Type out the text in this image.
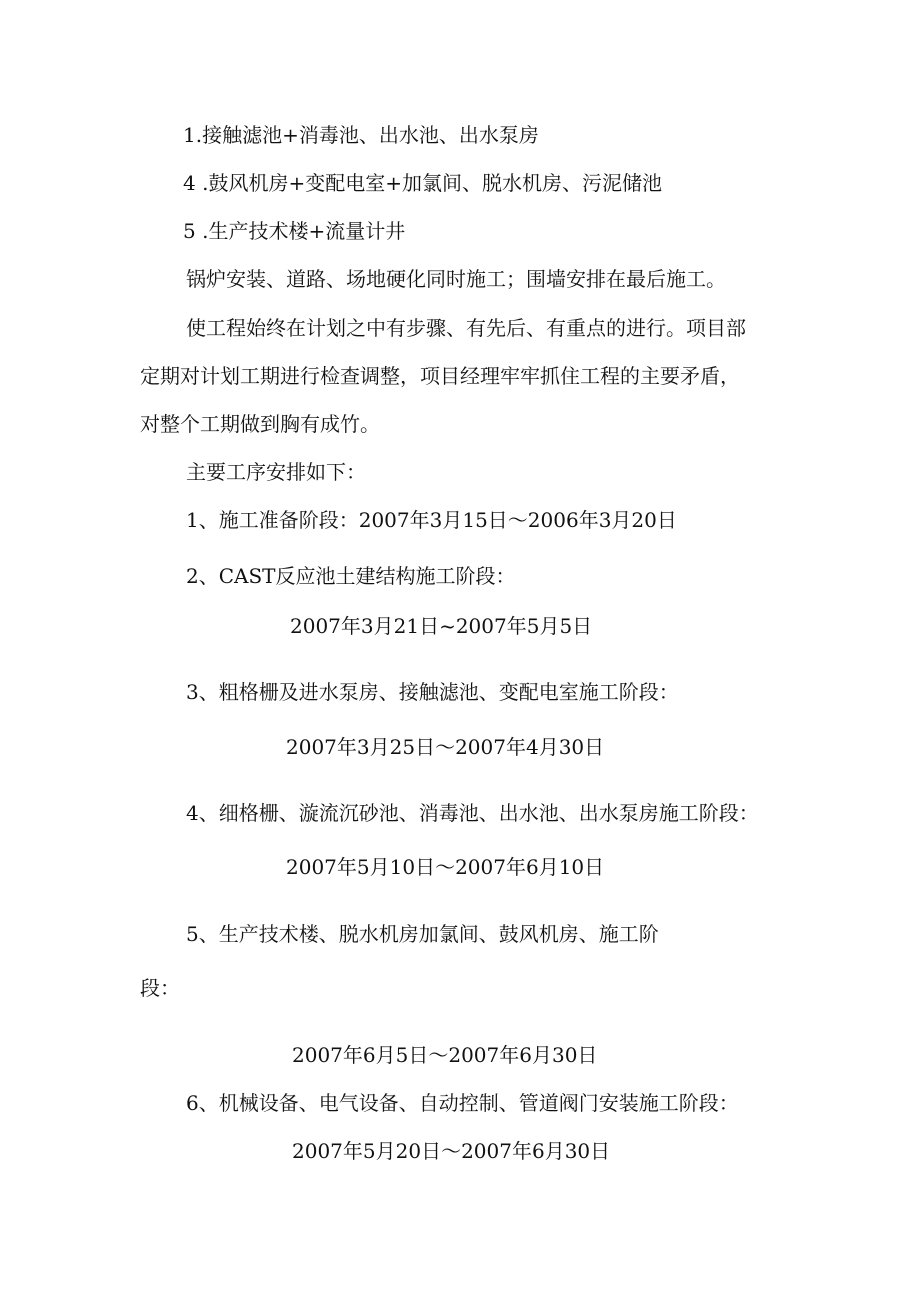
1.接触滤池+消毒池、出水池、出水泵房
4 .鼓风机房+变配电室+加氯间、脱水机房、污泥储池
5 .生产技术楼+流量计井
锅炉安装、道路、场地硬化同时施工；围墙安排在最后施工。
使工程始终在计划之中有步骤、有先后、有重点的进行。项目部
定期对计划工期进行检查调整，项目经理牢牢抓住工程的主要矛盾，
对整个工期做到胸有成竹。
主要工序安排如下：
1、施工准备阶段：2007年3月15日～2006年3月20日
2、CAST反应池土建结构施工阶段：
2007年3月21日~2007年5月5日
3、粗格栅及进水泵房、接触滤池、变配电室施工阶段：
2007年3月25日～2007年4月30日
4、细格栅、漩流沉砂池、消毒池、出水池、出水泵房施工阶段：
2007年5月10日～2007年6月10日
5、生产技术楼、脱水机房加氯间、鼓风机房、施工阶
段：
2007年6月5日～2007年6月30日
6、机械设备、电气设备、自动控制、管道阀门安装施工阶段：
2007年5月20日～2007年6月30日
